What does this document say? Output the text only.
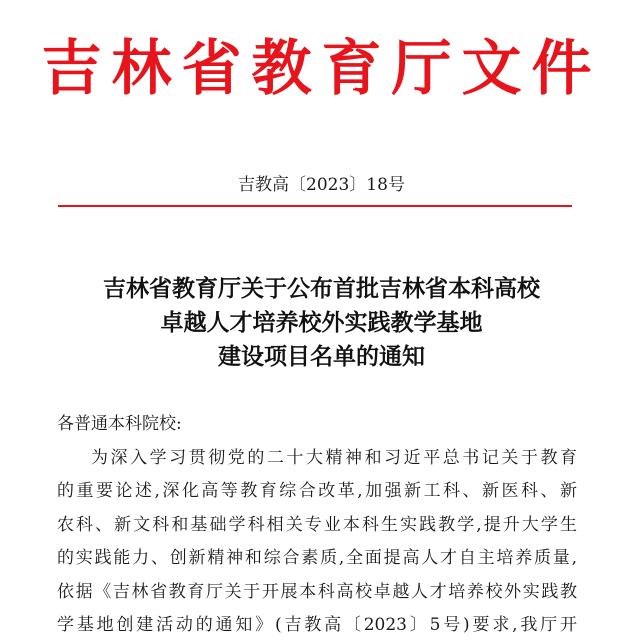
吉林省教育厅文件
吉教高〔2023〕18号
吉林省教育厅关于公布首批吉林省本科高校
卓越人才培养校外实践教学基地
建设项目名单的通知
各普通本科院校:
为深入学习贯彻党的二十大精神和习近平总书记关于教育
的重要论述,深化高等教育综合改革,加强新工科、新医科、新
农科、新文科和基础学科相关专业本科生实践教学,提升大学生
的实践能力、创新精神和综合素质,全面提高人才自主培养质量,
依据《吉林省教育厅关于开展本科高校卓越人才培养校外实践教
学基地创建活动的通知》(吉教高〔2023〕5号)要求,我厅开
